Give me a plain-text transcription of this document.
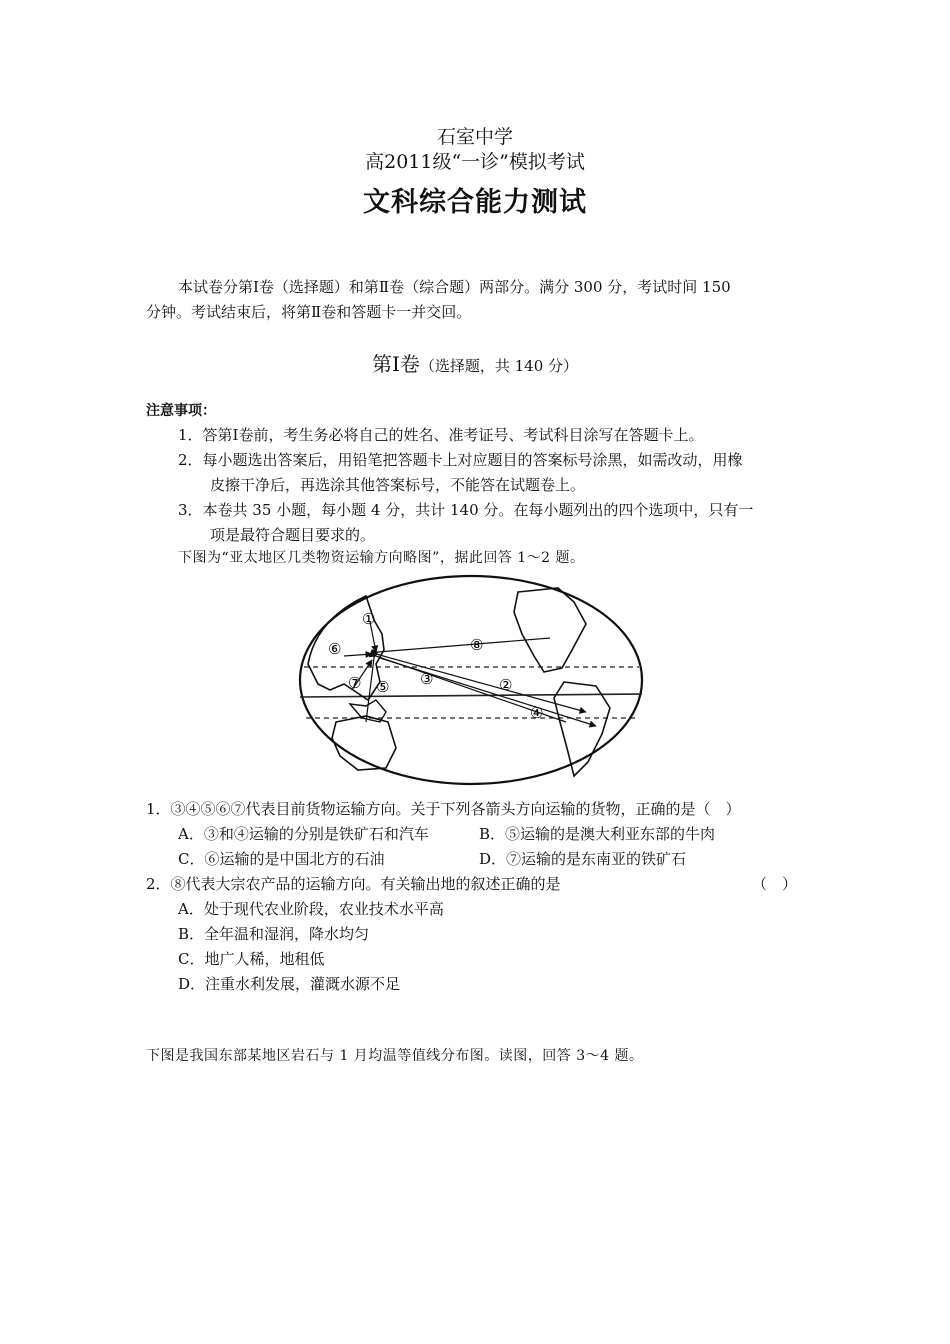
石室中学
高2011级“一诊”模拟考试
文科综合能力测试
本试卷分第Ⅰ卷（选择题）和第Ⅱ卷（综合题）两部分。满分 300 分，考试时间 150
分钟。考试结束后，将第Ⅱ卷和答题卡一并交回。
第Ⅰ卷（选择题，共 140 分）
注意事项：
1．答第Ⅰ卷前，考生务必将自己的姓名、准考证号、考试科目涂写在答题卡上。
2．每小题选出答案后，用铅笔把答题卡上对应题目的答案标号涂黑，如需改动，用橡
皮擦干净后，再选涂其他答案标号，不能答在试题卷上。
3．本卷共 35 小题，每小题 4 分，共计 140 分。在每小题列出的四个选项中，只有一
项是最符合题目要求的。
下图为“亚太地区几类物资运输方向略图”，据此回答 1～2 题。
①
②
③
④
⑤
⑥
⑦
⑧
1．③④⑤⑥⑦代表目前货物运输方向。关于下列各箭头方向运输的货物，正确的是（　）
A．③和④运输的分别是铁矿石和汽车	B．⑤运输的是澳大利亚东部的牛肉
C．⑥运输的是中国北方的石油	D．⑦运输的是东南亚的铁矿石
2．⑧代表大宗农产品的运输方向。有关输出地的叙述正确的是	（　）
A．处于现代农业阶段，农业技术水平高
B．全年温和湿润，降水均匀
C．地广人稀，地租低
D．注重水利发展，灌溉水源不足
下图是我国东部某地区岩石与 1 月均温等值线分布图。读图，回答 3～4 题。
